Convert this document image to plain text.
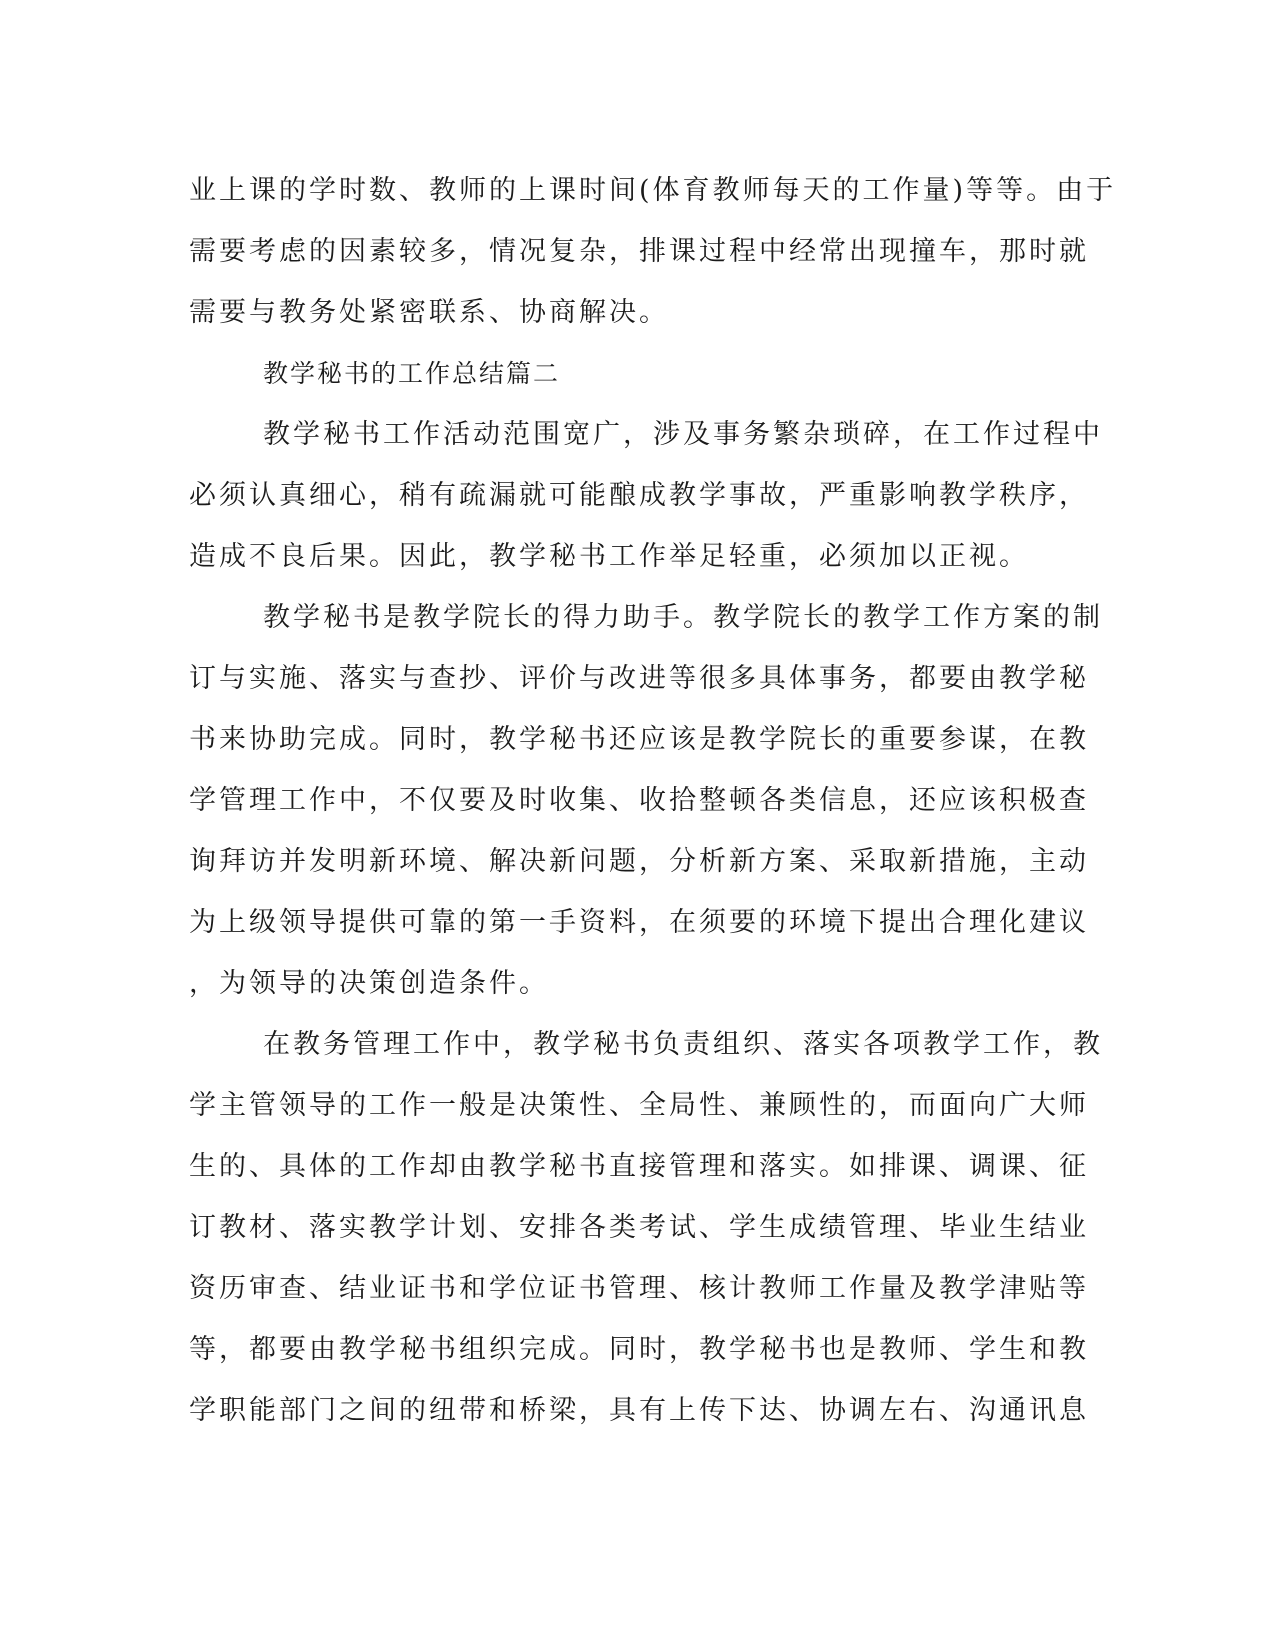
业上课的学时数、教师的上课时间(体育教师每天的工作量)等等。由于
需要考虑的因素较多，情况复杂，排课过程中经常出现撞车，那时就
需要与教务处紧密联系、协商解决。
教学秘书的工作总结篇二
教学秘书工作活动范围宽广，涉及事务繁杂琐碎，在工作过程中
必须认真细心，稍有疏漏就可能酿成教学事故，严重影响教学秩序，
造成不良后果。因此，教学秘书工作举足轻重，必须加以正视。
教学秘书是教学院长的得力助手。教学院长的教学工作方案的制
订与实施、落实与查抄、评价与改进等很多具体事务，都要由教学秘
书来协助完成。同时，教学秘书还应该是教学院长的重要参谋，在教
学管理工作中，不仅要及时收集、收拾整顿各类信息，还应该积极查
询拜访并发明新环境、解决新问题，分析新方案、采取新措施，主动
为上级领导提供可靠的第一手资料，在须要的环境下提出合理化建议
，为领导的决策创造条件。
在教务管理工作中，教学秘书负责组织、落实各项教学工作，教
学主管领导的工作一般是决策性、全局性、兼顾性的，而面向广大师
生的、具体的工作却由教学秘书直接管理和落实。如排课、调课、征
订教材、落实教学计划、安排各类考试、学生成绩管理、毕业生结业
资历审查、结业证书和学位证书管理、核计教师工作量及教学津贴等
等，都要由教学秘书组织完成。同时，教学秘书也是教师、学生和教
学职能部门之间的纽带和桥梁，具有上传下达、协调左右、沟通讯息
